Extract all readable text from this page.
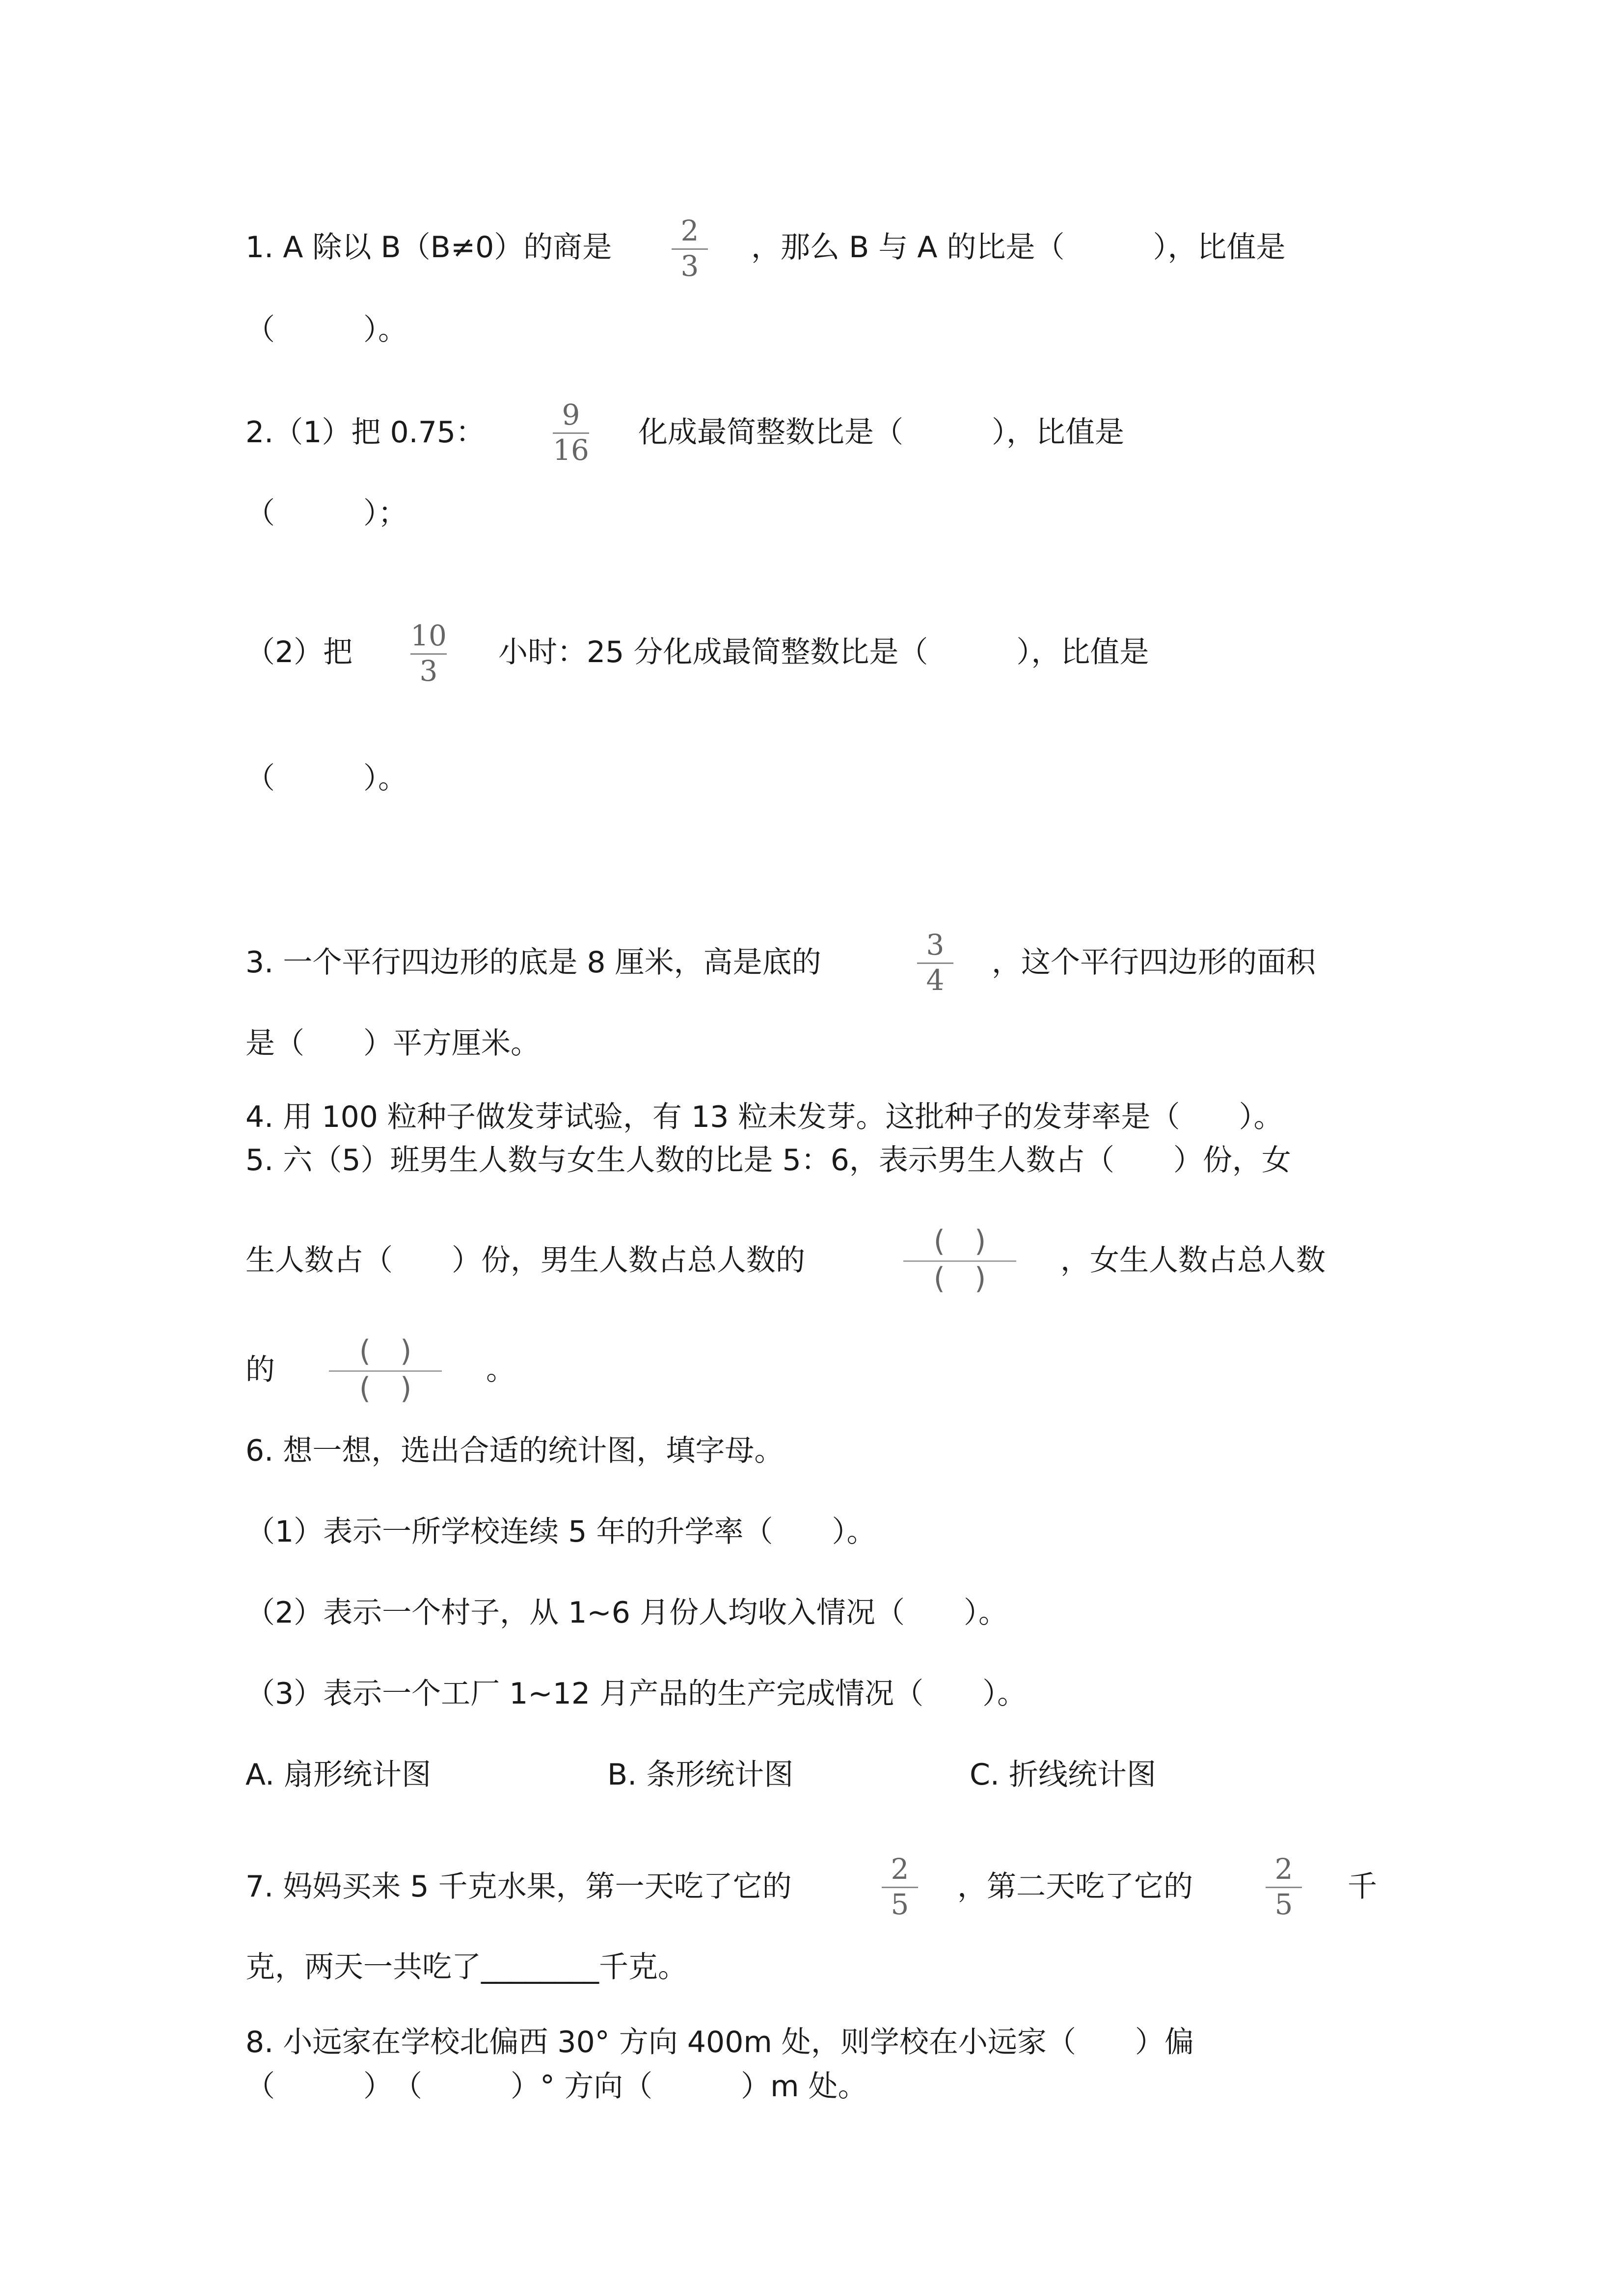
1. A 除以 B（B≠0）的商是	2
3
，那么 B 与 A 的比是（　　　），比值是
（　　　）。
2.（1）把 0.75：
9
16
化成最简整数比是（　　　），比值是
（　　　）；
（2）把	10
3
小时：25 分化成最简整数比是（　　　），比值是
（　　　）。
3. 一个平行四边形的底是 8 厘米，高是底的
3
4
，这个平行四边形的面积
是（　　）平方厘米。
4. 用 100 粒种子做发芽试验，有 13 粒未发芽。这批种子的发芽率是（　　）。
5. 六（5）班男生人数与女生人数的比是 5：6，表示男生人数占（　　）份，女
生人数占（　　）份，男生人数占总人数的
(　)
(　)
，女生人数占总人数
的
(　)
(　)
。
6. 想一想，选出合适的统计图，填字母。
（1）表示一所学校连续 5 年的升学率（　　）。
（2）表示一个村子，从 1~6 月份人均收入情况（　　）。
（3）表示一个工厂 1~12 月产品的生产完成情况（　　）。
A. 扇形统计图	B. 条形统计图	C. 折线统计图
7. 妈妈买来 5 千克水果，第一天吃了它的
2
5
，第二天吃了它的
2
5
千
克，两天一共吃了________千克。
8. 小远家在学校北偏西 30° 方向 400m 处，则学校在小远家（　　）偏
（　　　）　（　　　）° 方向（　　　）m 处。
